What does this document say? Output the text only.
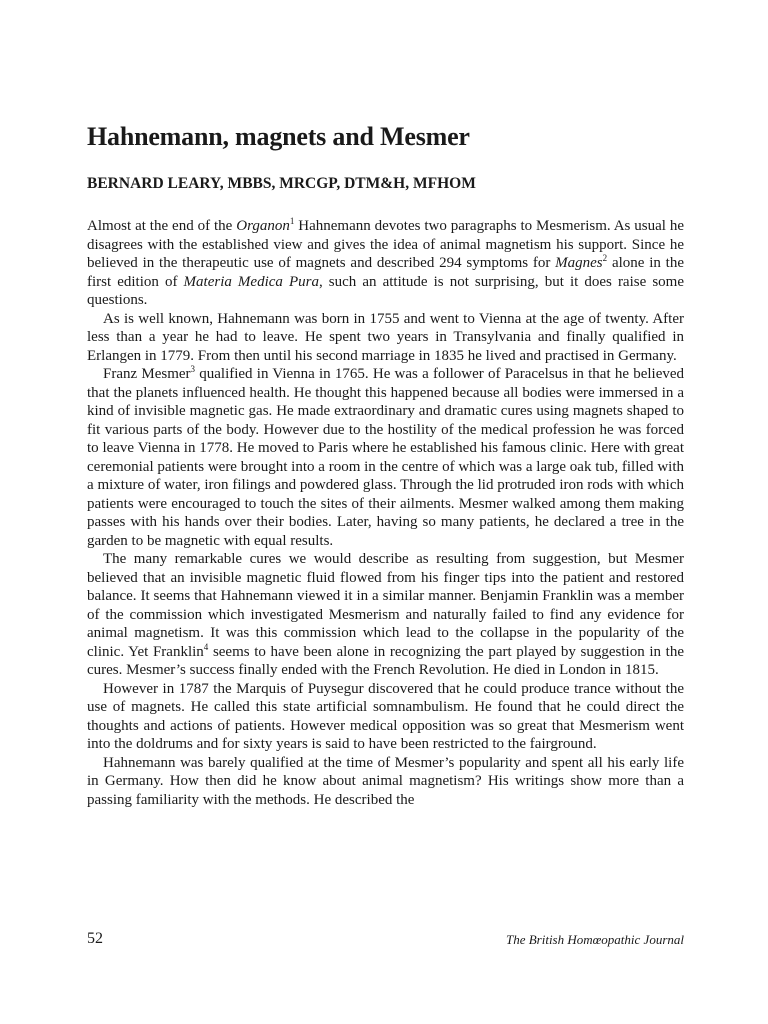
Hahnemann, magnets and Mesmer
BERNARD LEARY, MBBS, MRCGP, DTM&H, MFHOM

Almost at the end of the Organon$^1$ Hahnemann devotes two paragraphs to Mesmerism. As usual he disagrees with the established view and gives the idea of animal magnetism his support. Since he believed in the therapeutic use of magnets and described 294 symptoms for Magnes$^2$ alone in the first edition of Materia Medica Pura, such an attitude is not surprising, but it does raise some questions.

As is well known, Hahnemann was born in 1755 and went to Vienna at the age of twenty. After less than a year he had to leave. He spent two years in Transylvania and finally qualified in Erlangen in 1779. From then until his second marriage in 1835 he lived and practised in Germany.

Franz Mesmer$^3$ qualified in Vienna in 1765. He was a follower of Paracelsus in that he believed that the planets influenced health. He thought this happened because all bodies were immersed in a kind of invisible magnetic gas. He made extraordinary and dramatic cures using magnets shaped to fit various parts of the body. However due to the hostility of the medical profession he was forced to leave Vienna in 1778. He moved to Paris where he established his famous clinic. Here with great ceremonial patients were brought into a room in the centre of which was a large oak tub, filled with a mixture of water, iron filings and powdered glass. Through the lid protruded iron rods with which patients were encouraged to touch the sites of their ailments. Mesmer walked among them making passes with his hands over their bodies. Later, having so many patients, he declared a tree in the garden to be magnetic with equal results.

The many remarkable cures we would describe as resulting from suggestion, but Mesmer believed that an invisible magnetic fluid flowed from his finger tips into the patient and restored balance. It seems that Hahnemann viewed it in a similar manner. Benjamin Franklin was a member of the commission which investigated Mesmerism and naturally failed to find any evidence for animal magnetism. It was this commission which lead to the collapse in the popularity of the clinic. Yet Franklin$^4$ seems to have been alone in recognizing the part played by suggestion in the cures. Mesmer’s success finally ended with the French Revolution. He died in London in 1815.

However in 1787 the Marquis of Puysegur discovered that he could produce trance without the use of magnets. He called this state artificial somnambulism. He found that he could direct the thoughts and actions of patients. However medical opposition was so great that Mesmerism went into the doldrums and for sixty years is said to have been restricted to the fairground.

Hahnemann was barely qualified at the time of Mesmer’s popularity and spent all his early life in Germany. How then did he know about animal magnetism? His writings show more than a passing familiarity with the methods. He described the

52	The British Homœopathic Journal
